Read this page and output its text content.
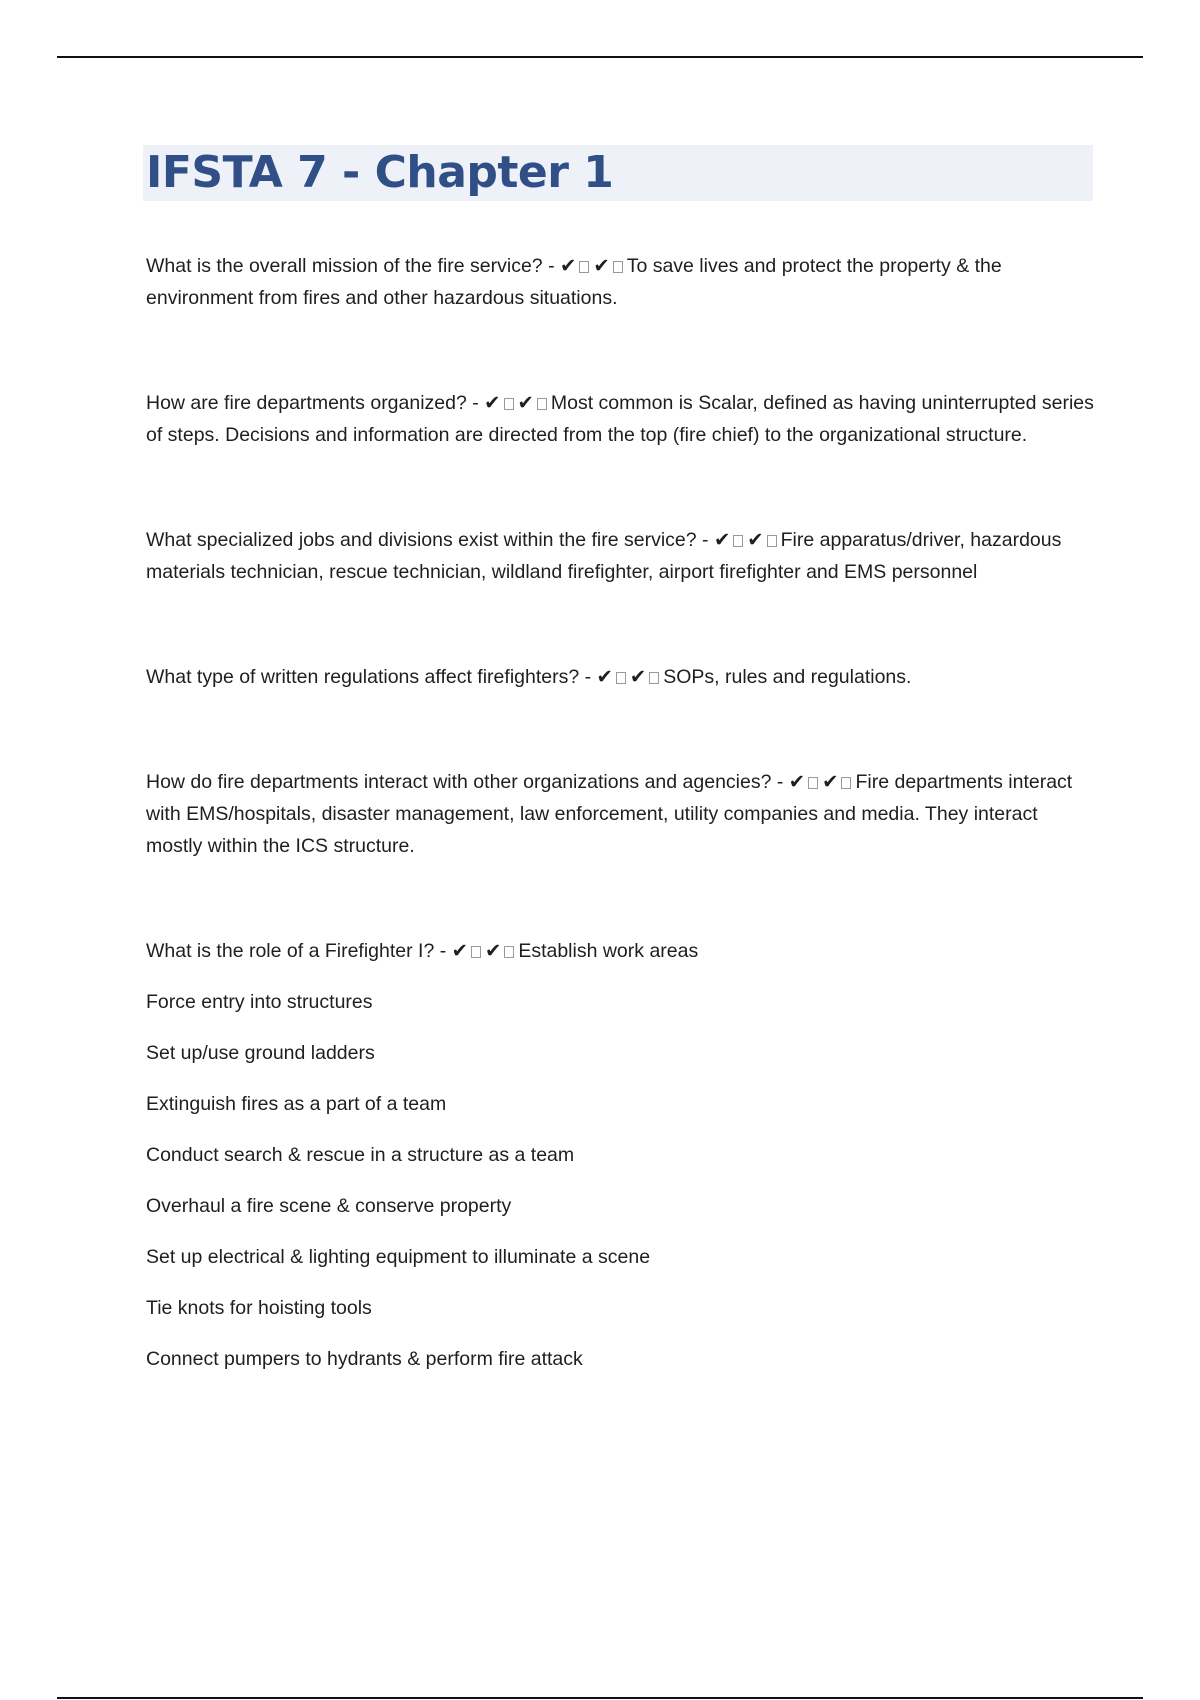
IFSTA 7 - Chapter 1

What is the overall mission of the fire service? - ✔ ✔ To save lives and protect the property & the environment from fires and other hazardous situations.

How are fire departments organized? - ✔ ✔ Most common is Scalar, defined as having uninterrupted series of steps. Decisions and information are directed from the top (fire chief) to the organizational structure.

What specialized jobs and divisions exist within the fire service? - ✔ ✔ Fire apparatus/driver, hazardous materials technician, rescue technician, wildland firefighter, airport firefighter and EMS personnel

What type of written regulations affect firefighters? - ✔ ✔ SOPs, rules and regulations.

How do fire departments interact with other organizations and agencies? - ✔ ✔ Fire departments interact with EMS/hospitals, disaster management, law enforcement, utility companies and media. They interact mostly within the ICS structure.

What is the role of a Firefighter I? - ✔ ✔ Establish work areas

Force entry into structures
Set up/use ground ladders
Extinguish fires as a part of a team
Conduct search & rescue in a structure as a team
Overhaul a fire scene & conserve property
Set up electrical & lighting equipment to illuminate a scene
Tie knots for hoisting tools
Connect pumpers to hydrants & perform fire attack
